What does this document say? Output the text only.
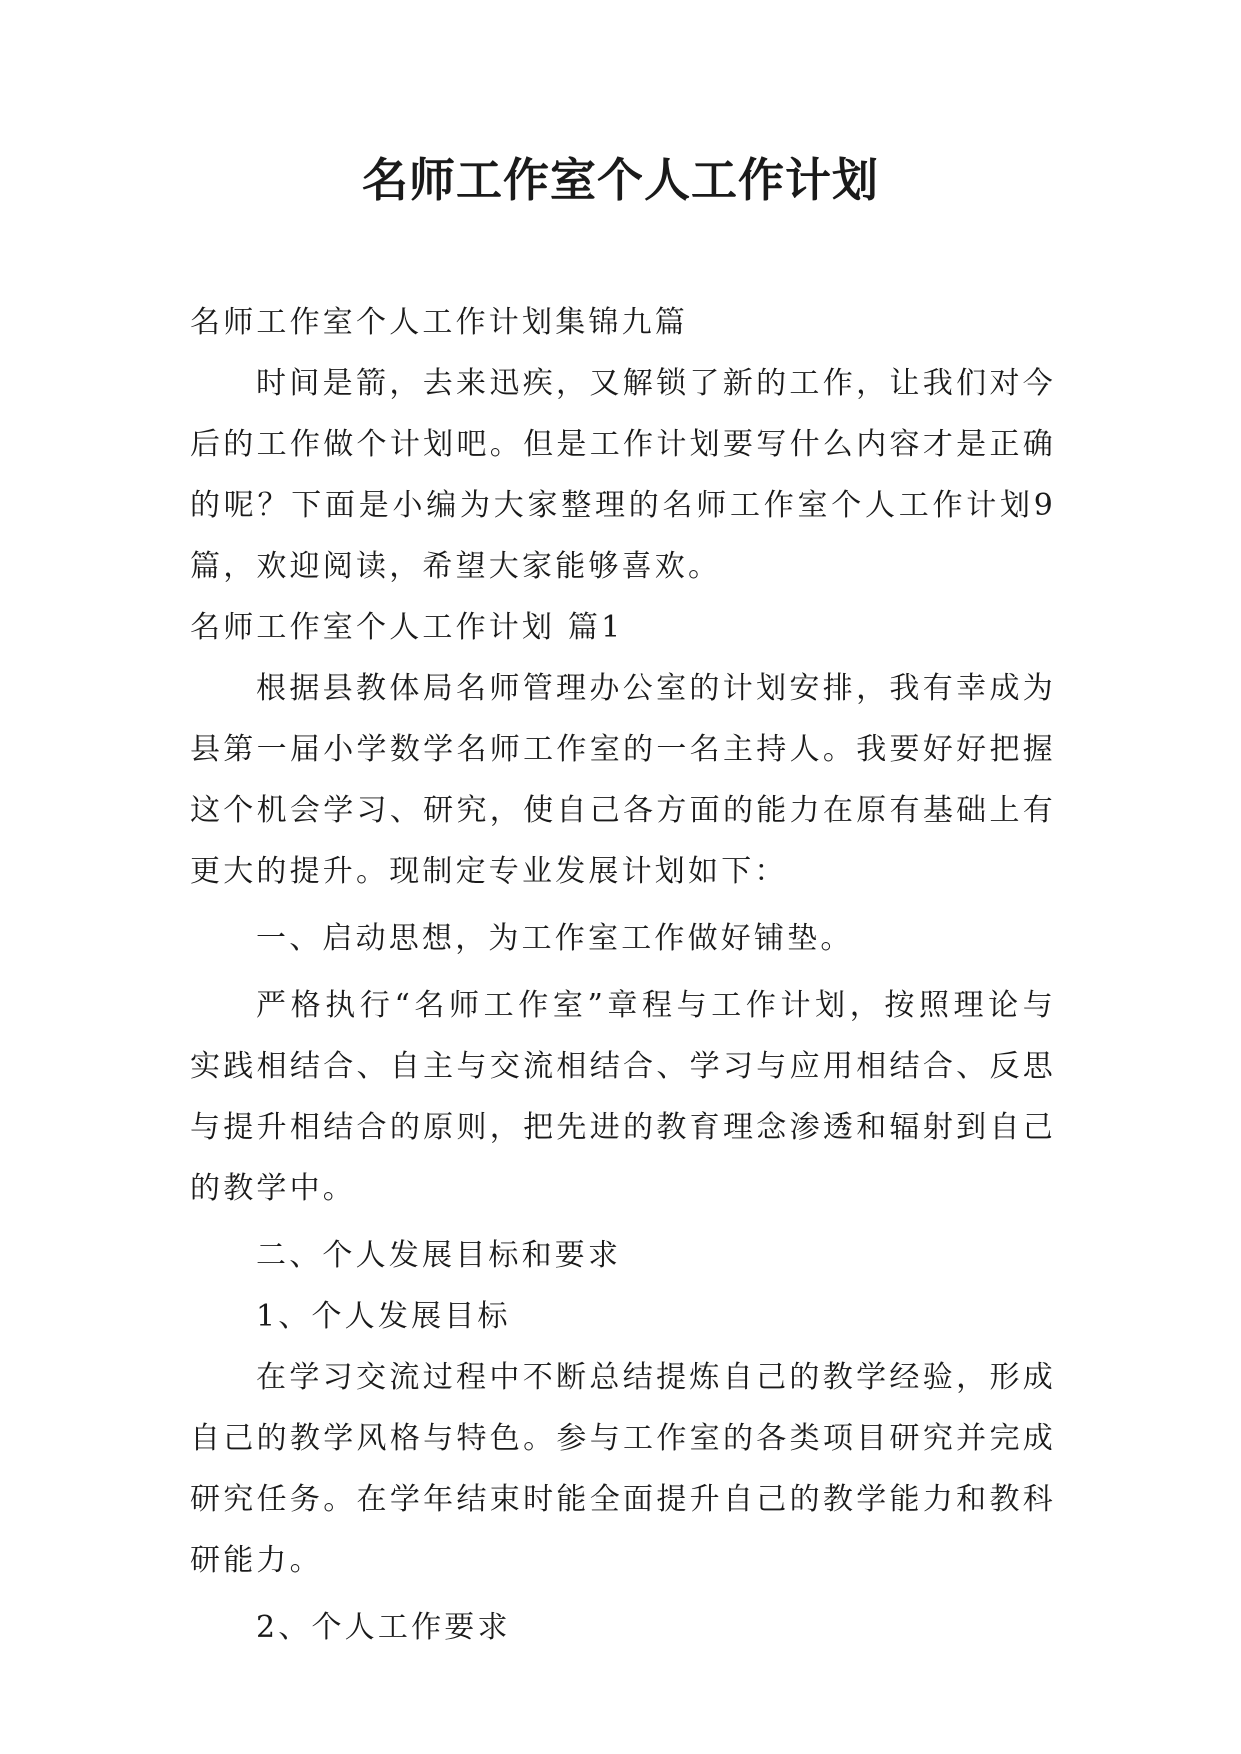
名师工作室个人工作计划

名师工作室个人工作计划集锦九篇

时间是箭，去来迅疾，又解锁了新的工作，让我们对今后的工作做个计划吧。但是工作计划要写什么内容才是正确的呢？下面是小编为大家整理的名师工作室个人工作计划9篇，欢迎阅读，希望大家能够喜欢。

名师工作室个人工作计划 篇1

根据县教体局名师管理办公室的计划安排，我有幸成为县第一届小学数学名师工作室的一名主持人。我要好好把握这个机会学习、研究，使自己各方面的能力在原有基础上有更大的提升。现制定专业发展计划如下：

一、启动思想，为工作室工作做好铺垫。

严格执行“名师工作室”章程与工作计划，按照理论与实践相结合、自主与交流相结合、学习与应用相结合、反思与提升相结合的原则，把先进的教育理念渗透和辐射到自己的教学中。

二、个人发展目标和要求

1、个人发展目标

在学习交流过程中不断总结提炼自己的教学经验，形成自己的教学风格与特色。参与工作室的各类项目研究并完成研究任务。在学年结束时能全面提升自己的教学能力和教科研能力。

2、个人工作要求
